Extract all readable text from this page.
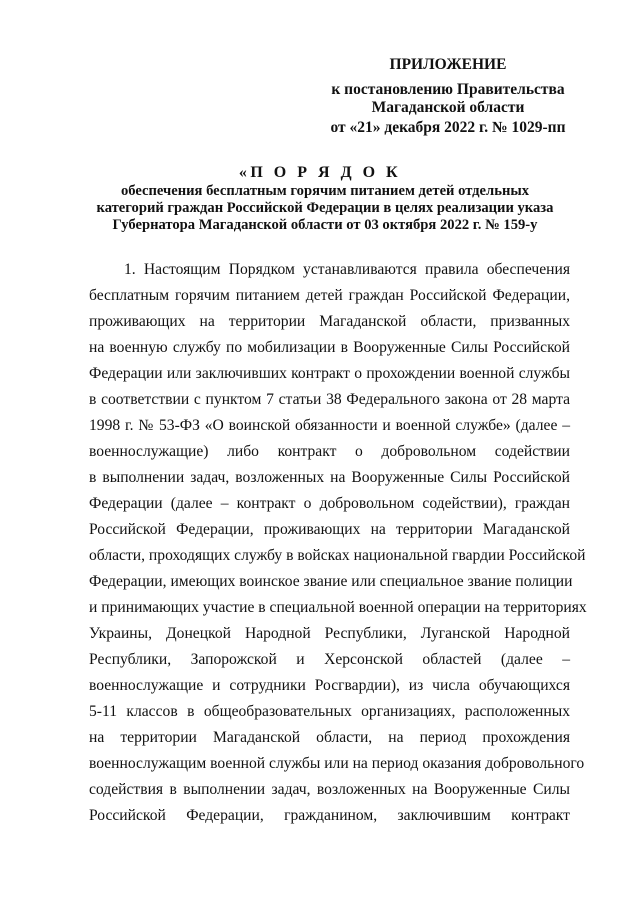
ПРИЛОЖЕНИЕ
к постановлению Правительства
Магаданской области
от «21» декабря 2022 г. № 1029-пп
«П О Р Я Д О К
обеспечения бесплатным горячим питанием детей отдельных
категорий граждан Российской Федерации в целях реализации указа
Губернатора Магаданской области от 03 октября 2022 г. № 159-у
1. Настоящим Порядком устанавливаются правила обеспечения
бесплатным горячим питанием детей граждан Российской Федерации,
проживающих на территории Магаданской области, призванных
на военную службу по мобилизации в Вооруженные Силы Российской
Федерации или заключивших контракт о прохождении военной службы
в соответствии с пунктом 7 статьи 38 Федерального закона от 28 марта
1998 г. № 53-ФЗ «О воинской обязанности и военной службе» (далее –
военнослужащие) либо контракт о добровольном содействии
в выполнении задач, возложенных на Вооруженные Силы Российской
Федерации (далее – контракт о добровольном содействии), граждан
Российской Федерации, проживающих на территории Магаданской
области, проходящих службу в войсках национальной гвардии Российской
Федерации, имеющих воинское звание или специальное звание полиции
и принимающих участие в специальной военной операции на территориях
Украины, Донецкой Народной Республики, Луганской Народной
Республики, Запорожской и Херсонской областей (далее –
военнослужащие и сотрудники Росгвардии), из числа обучающихся
5-11 классов в общеобразовательных организациях, расположенных
на территории Магаданской области, на период прохождения
военнослужащим военной службы или на период оказания добровольного
содействия в выполнении задач, возложенных на Вооруженные Силы
Российской Федерации, гражданином, заключившим контракт
